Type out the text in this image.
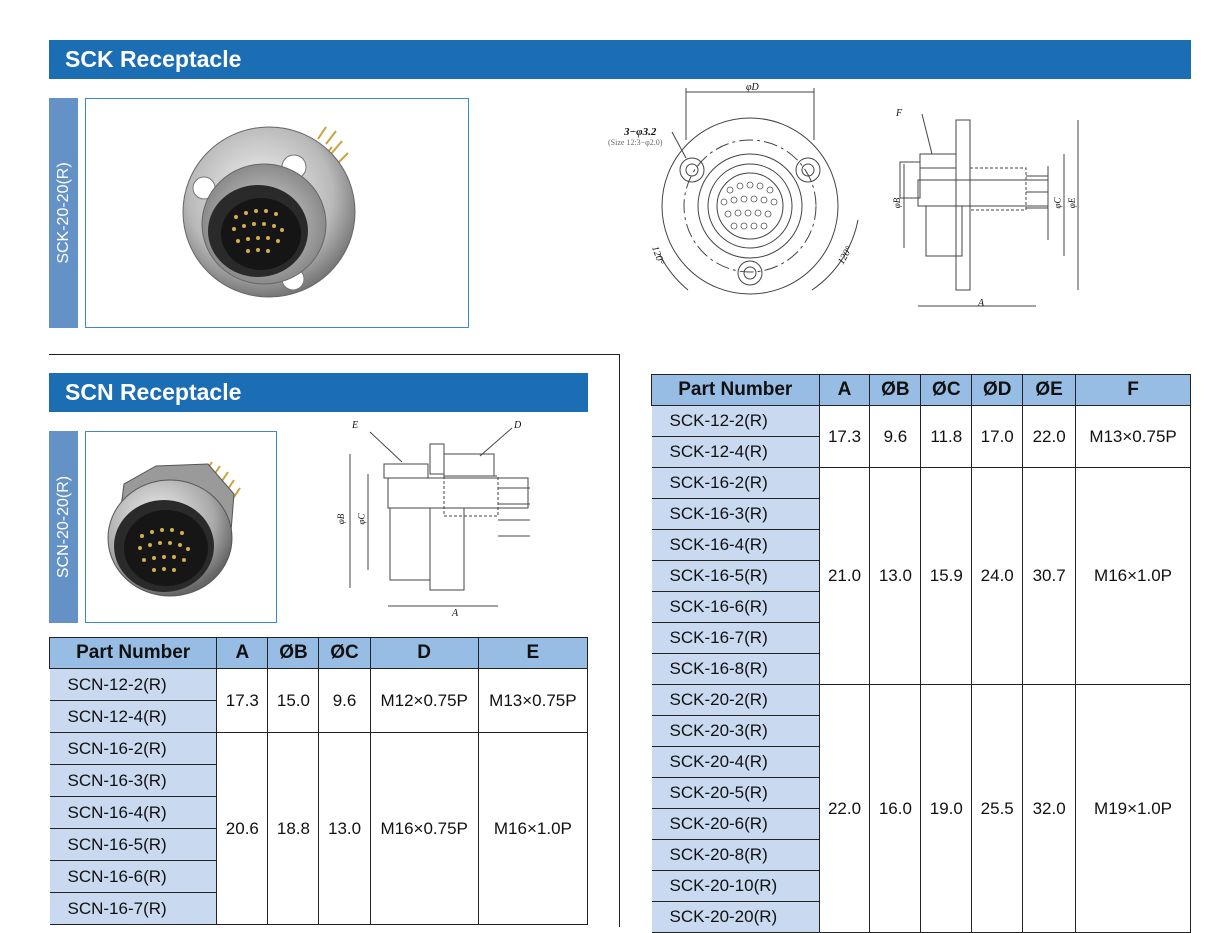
SCK Receptacle
SCK-20-20(R)
φD
3−φ3.2
(Size 12:3−φ2.0)
120°	120°
F
φB	φC φE
A
SCN Receptacle
SCN-20-20(R)
E	D
φB φC
A
Part Number	A	ØB	ØC	ØD	ØE	F
SCK-12-2(R)	17.3	9.6	11.8	17.0	22.0	M13×0.75P
SCK-12-4(R)						
SCK-16-2(R)	21.0	13.0	15.9	24.0	30.7	M16×1.0P
SCK-16-3(R)						
SCK-16-4(R)						
SCK-16-5(R)						
SCK-16-6(R)						
SCK-16-7(R)						
SCK-16-8(R)						
SCK-20-2(R)	22.0	16.0	19.0	25.5	32.0	M19×1.0P
SCK-20-3(R)						
SCK-20-4(R)						
SCK-20-5(R)						
SCK-20-6(R)						
SCK-20-8(R)						
SCK-20-10(R)						
SCK-20-20(R)						
Part Number	A	ØB	ØC	D	E
SCN-12-2(R)	17.3	15.0	9.6	M12×0.75P	M13×0.75P
SCN-12-4(R)					
SCN-16-2(R)	20.6	18.8	13.0	M16×0.75P	M16×1.0P
SCN-16-3(R)					
SCN-16-4(R)					
SCN-16-5(R)					
SCN-16-6(R)					
SCN-16-7(R)					
